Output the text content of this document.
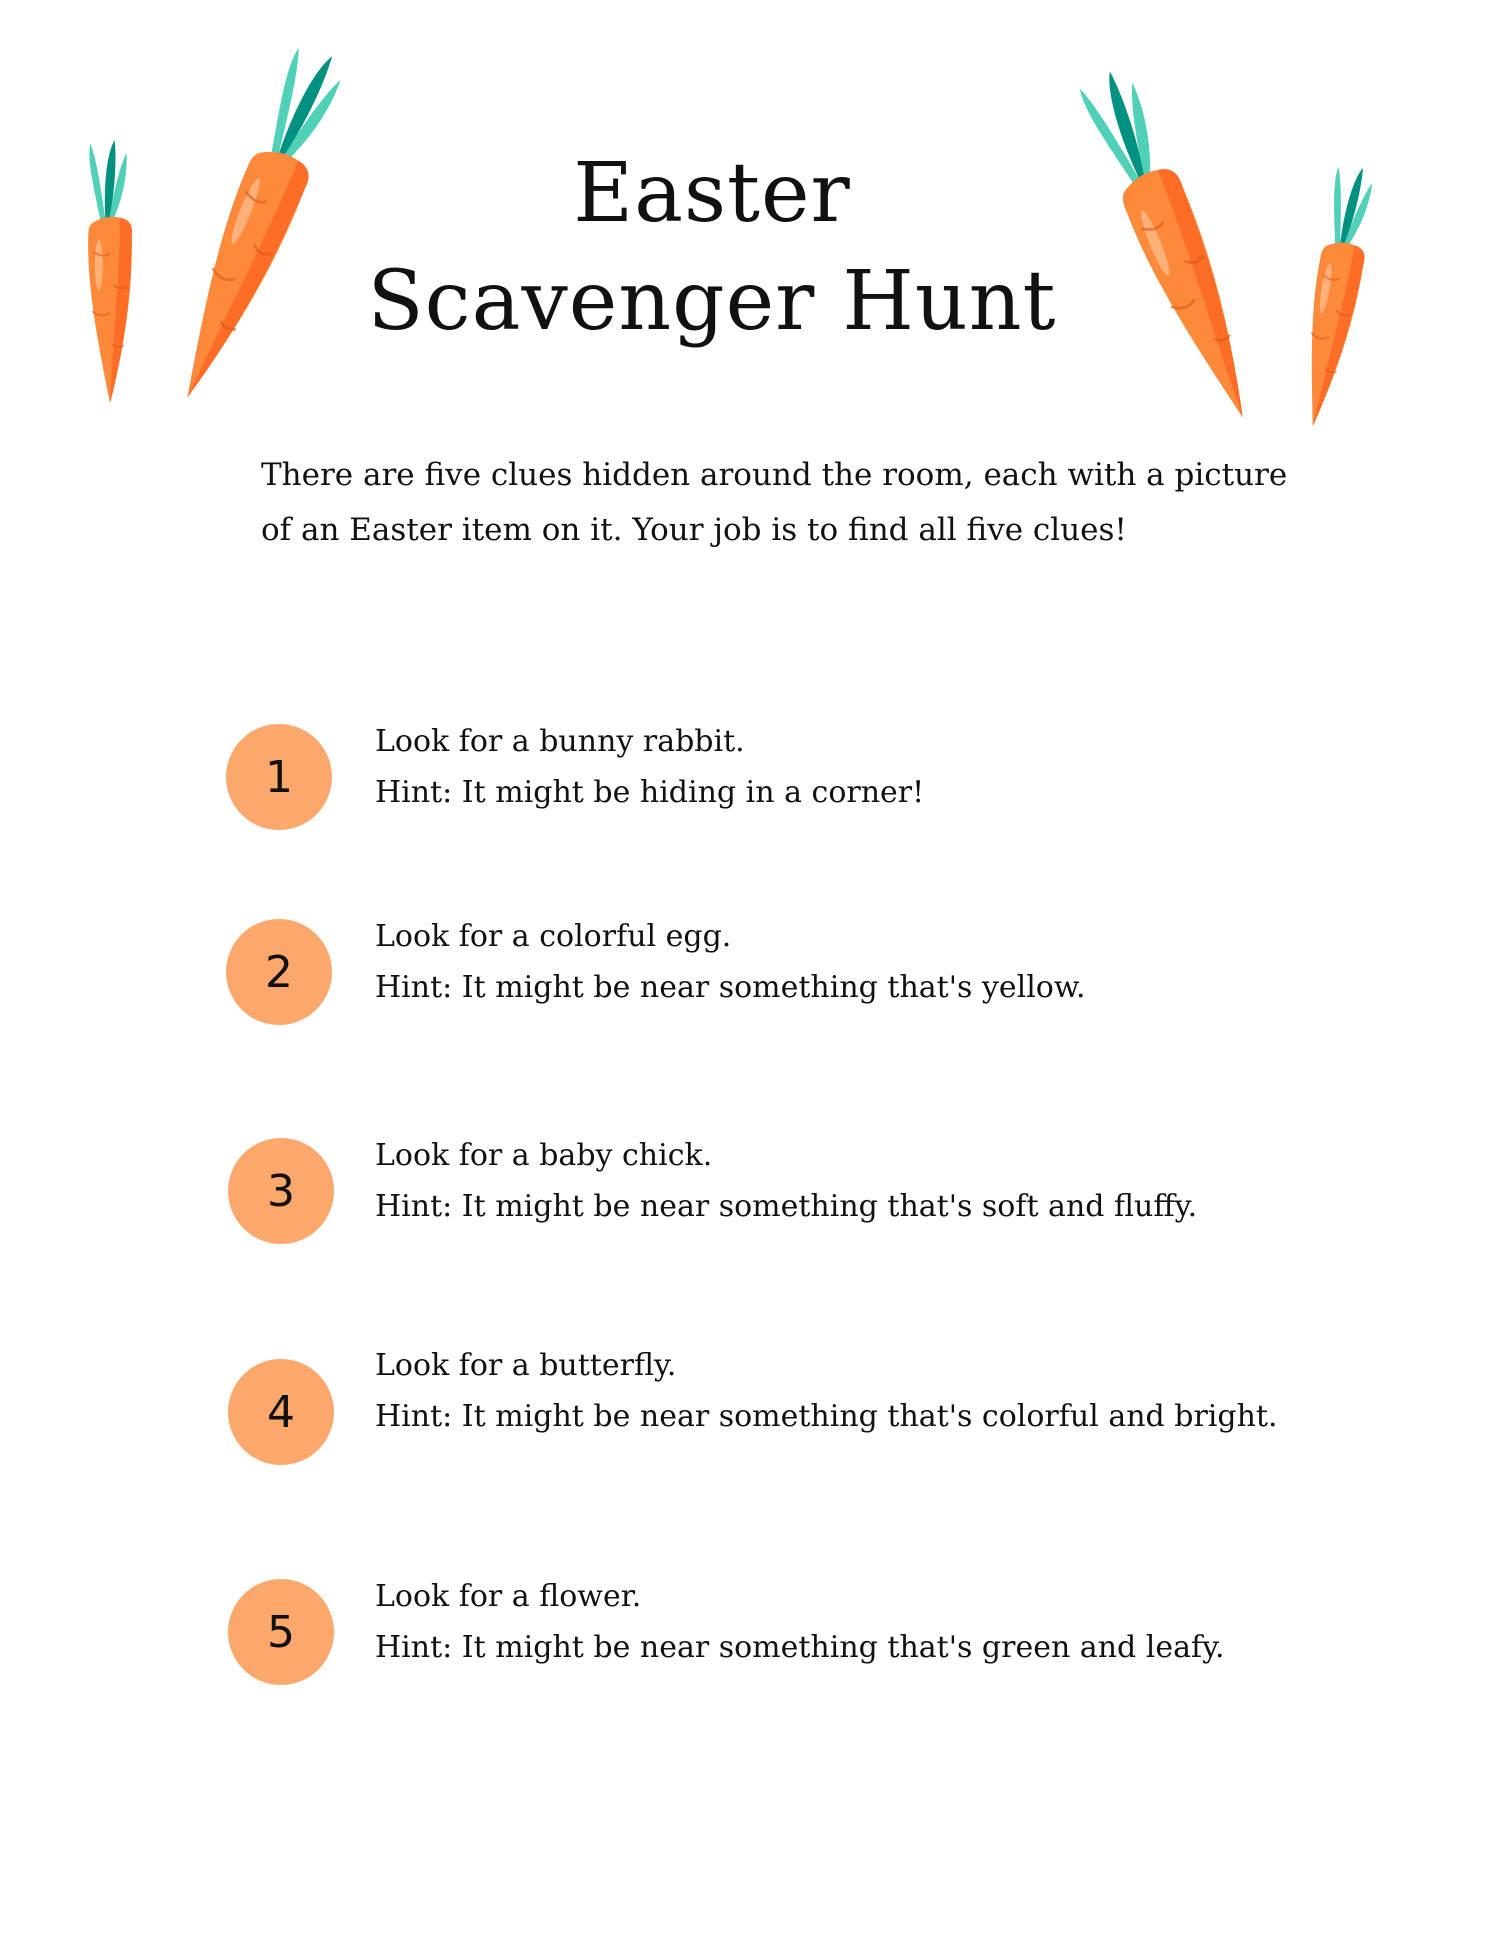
Easter
Scavenger Hunt

There are five clues hidden around the room, each with a picture of an Easter item on it. Your job is to find all five clues!

1
Look for a bunny rabbit.
Hint: It might be hiding in a corner!
2
Look for a colorful egg.
Hint: It might be near something that's yellow.
3
Look for a baby chick.
Hint: It might be near something that's soft and fluffy.
4
Look for a butterfly.
Hint: It might be near something that's colorful and bright.
5
Look for a flower.
Hint: It might be near something that's green and leafy.
